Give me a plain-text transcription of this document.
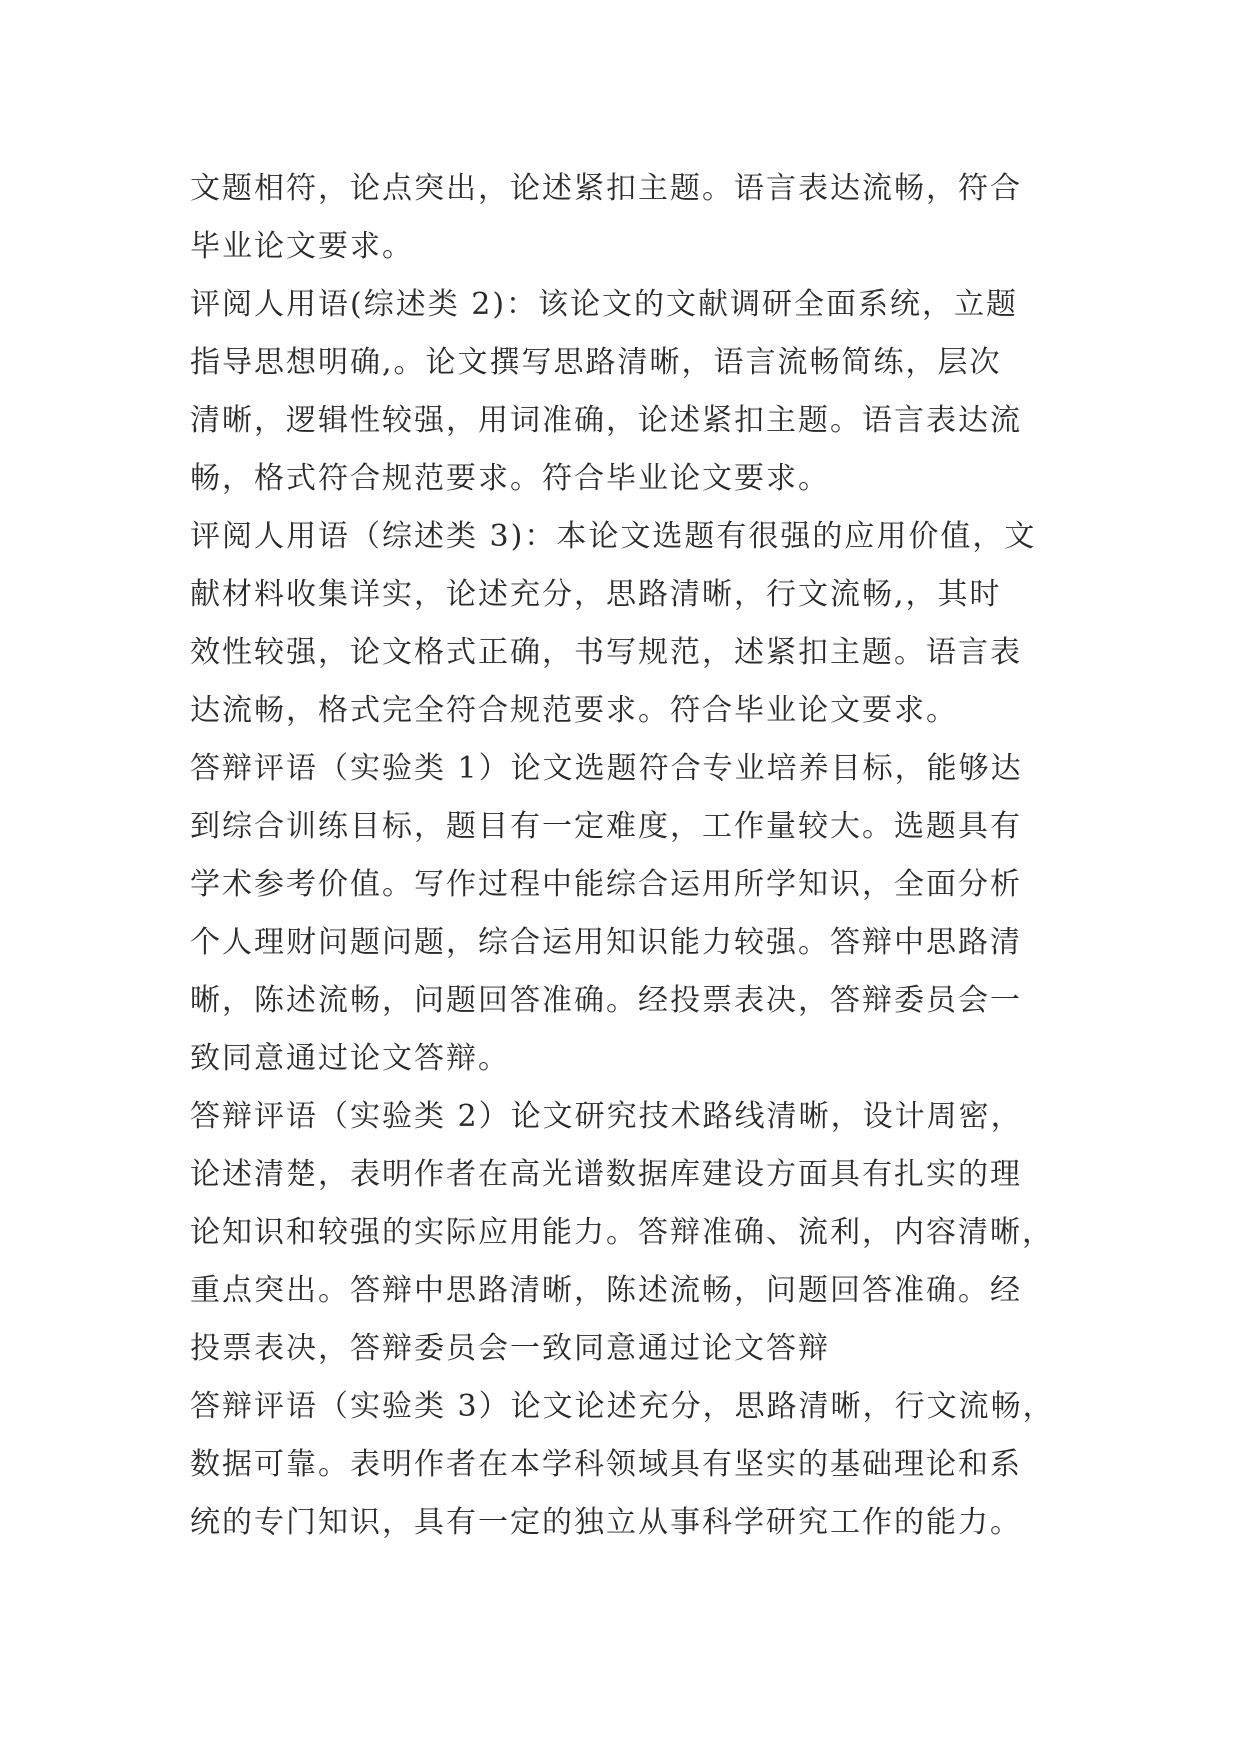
文题相符，论点突出，论述紧扣主题。语言表达流畅，符合
毕业论文要求。
评阅人用语(综述类 2)：该论文的文献调研全面系统，立题
指导思想明确,。论文撰写思路清晰，语言流畅简练，层次
清晰，逻辑性较强，用词准确，论述紧扣主题。语言表达流
畅，格式符合规范要求。符合毕业论文要求。
评阅人用语（综述类 3)：本论文选题有很强的应用价值，文
献材料收集详实，论述充分，思路清晰，行文流畅,，其时
效性较强，论文格式正确，书写规范，述紧扣主题。语言表
达流畅，格式完全符合规范要求。符合毕业论文要求。
答辩评语（实验类 1）论文选题符合专业培养目标，能够达
到综合训练目标，题目有一定难度，工作量较大。选题具有
学术参考价值。写作过程中能综合运用所学知识，全面分析
个人理财问题问题，综合运用知识能力较强。答辩中思路清
晰，陈述流畅，问题回答准确。经投票表决，答辩委员会一
致同意通过论文答辩。
答辩评语（实验类 2）论文研究技术路线清晰，设计周密，
论述清楚，表明作者在高光谱数据库建设方面具有扎实的理
论知识和较强的实际应用能力。答辩准确、流利，内容清晰，
重点突出。答辩中思路清晰，陈述流畅，问题回答准确。经
投票表决，答辩委员会一致同意通过论文答辩
答辩评语（实验类 3）论文论述充分，思路清晰，行文流畅，
数据可靠。表明作者在本学科领域具有坚实的基础理论和系
统的专门知识，具有一定的独立从事科学研究工作的能力。
